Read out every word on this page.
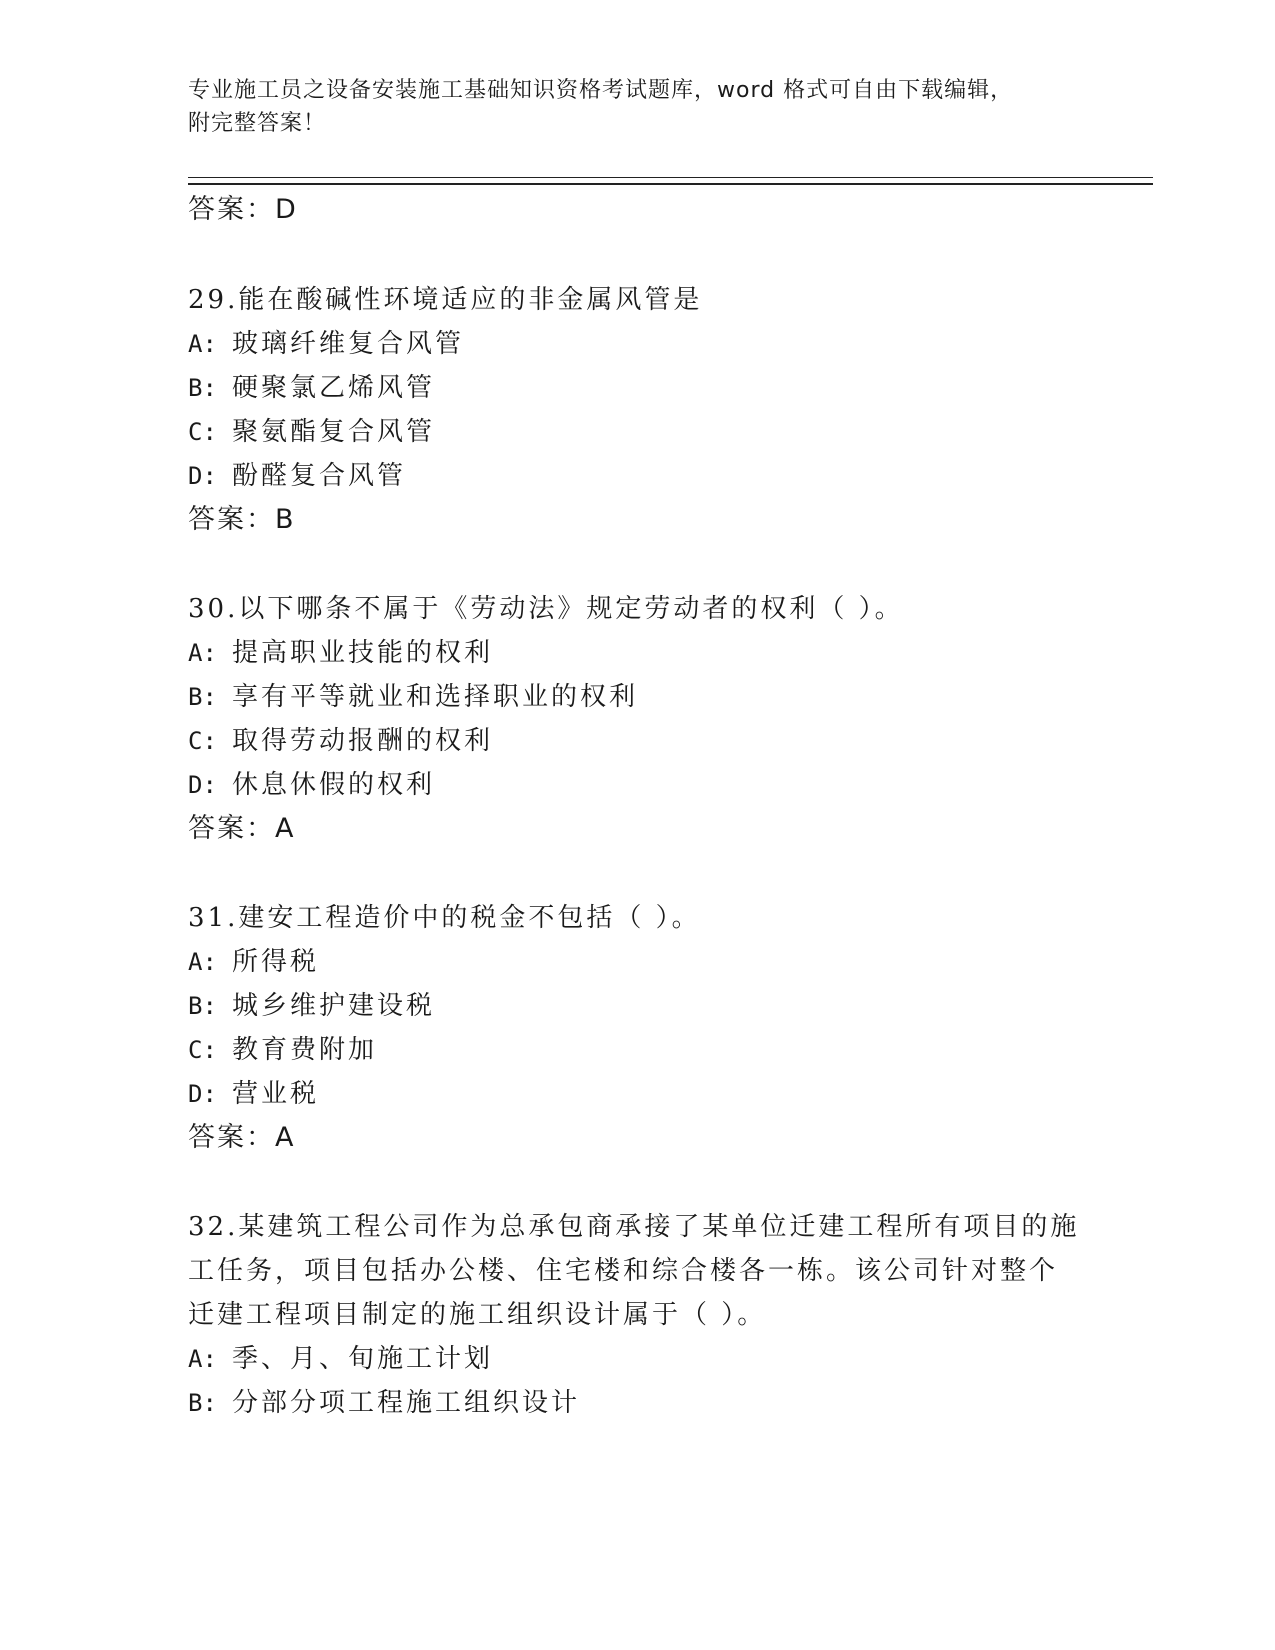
专业施工员之设备安装施工基础知识资格考试题库，word 格式可自由下载编辑，
附完整答案！
答案：D
29.能在酸碱性环境适应的非金属风管是
A: 玻璃纤维复合风管
B: 硬聚氯乙烯风管
C: 聚氨酯复合风管
D: 酚醛复合风管
答案：B
30.以下哪条不属于《劳动法》规定劳动者的权利（ ）。
A: 提高职业技能的权利
B: 享有平等就业和选择职业的权利
C: 取得劳动报酬的权利
D: 休息休假的权利
答案：A
31.建安工程造价中的税金不包括（ ）。
A: 所得税
B: 城乡维护建设税
C: 教育费附加
D: 营业税
答案：A
32.某建筑工程公司作为总承包商承接了某单位迁建工程所有项目的施
工任务，项目包括办公楼、住宅楼和综合楼各一栋。该公司针对整个
迁建工程项目制定的施工组织设计属于（ ）。
A: 季、月、旬施工计划
B: 分部分项工程施工组织设计
